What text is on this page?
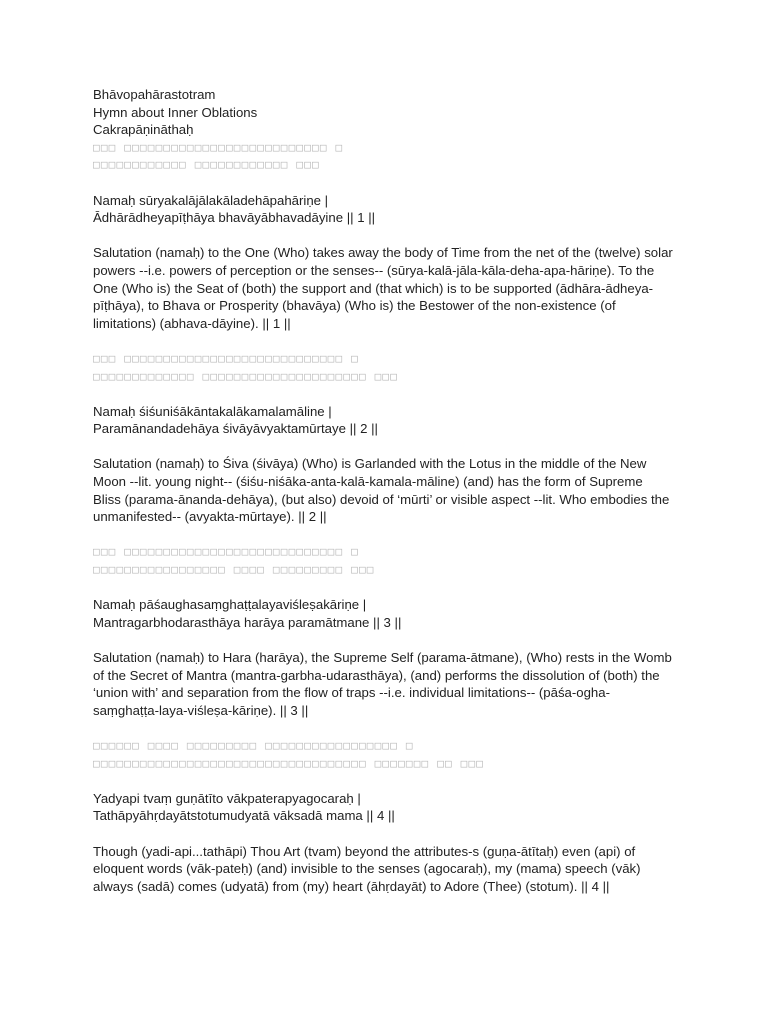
Bhāvopahārastotram
Hymn about Inner Oblations
Cakrapāṇināthaḥ
□□□ □□□□□□□□□□□□□□□□□□□□□□□□□□ □
□□□□□□□□□□□□ □□□□□□□□□□□□ □□□
Namaḥ sūryakalājālakāladehāpahāriṇe |
Ādhārādheyapīṭhāya bhavāyābhavadāyine || 1 ||
Salutation (namaḥ) to the One (Who) takes away the body of Time from the net of the (twelve) solar powers --i.e. powers of perception or the senses-- (sūrya-kalā-jāla-kāla-deha-apa-hāriṇe). To the One (Who is) the Seat of (both) the support and (that which) is to be supported (ādhāra-ādheya-pīṭhāya), to Bhava or Prosperity (bhavāya) (Who is) the Bestower of the non-existence (of limitations) (abhava-dāyine). || 1 ||
□□□ □□□□□□□□□□□□□□□□□□□□□□□□□□□□ □
□□□□□□□□□□□□□ □□□□□□□□□□□□□□□□□□□□□ □□□
Namaḥ śiśuniśākāntakalākamalamāline |
Paramānandadehāya śivāyāvyaktamūrtaye || 2 ||
Salutation (namaḥ) to Śiva (śivāya) (Who) is Garlanded with the Lotus in the middle of the New Moon --lit. young night-- (śiśu-niśāka-anta-kalā-kamala-māline) (and) has the form of Supreme Bliss (parama-ānanda-dehāya), (but also) devoid of ‘mūrti’ or visible aspect --lit. Who embodies the unmanifested-- (avyakta-mūrtaye). || 2 ||
□□□ □□□□□□□□□□□□□□□□□□□□□□□□□□□□ □
□□□□□□□□□□□□□□□□□ □□□□ □□□□□□□□□ □□□
Namaḥ pāśaughasaṃghaṭṭalayaviśleṣakāriṇe |
Mantragarbhodarasthāya harāya paramātmane || 3 ||
Salutation (namaḥ) to Hara (harāya), the Supreme Self (parama-ātmane), (Who) rests in the Womb of the Secret of Mantra (mantra-garbha-udarasthāya), (and) performs the dissolution of (both) the ‘union with’ and separation from the flow of traps --i.e. individual limitations-- (pāśa-ogha-saṃghaṭṭa-laya-viśleṣa-kāriṇe). || 3 ||
□□□□□□ □□□□ □□□□□□□□□ □□□□□□□□□□□□□□□□□ □
□□□□□□□□□□□□□□□□□□□□□□□□□□□□□□□□□□□ □□□□□□□ □□ □□□
Yadyapi tvaṃ guṇātīto vākpaterapyagocaraḥ |
Tathāpyāhṛdayātstotumudyatā vāksadā mama || 4 ||
Though (yadi-api...tathāpi) Thou Art (tvam) beyond the attributes-s (guṇa-ātītaḥ) even (api) of eloquent words (vāk-pateḥ) (and) invisible to the senses (agocaraḥ), my (mama) speech (vāk) always (sadā) comes (udyatā) from (my) heart (āhṛdayāt) to Adore (Thee) (stotum). || 4 ||
